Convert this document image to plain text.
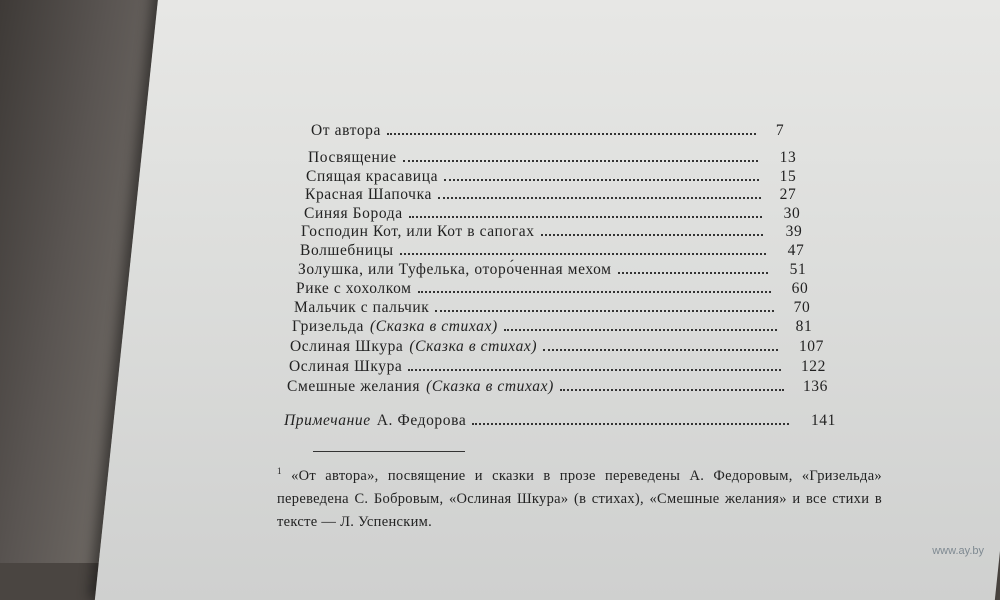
От автора	7
Посвящение	13
Спящая красавица	15
Красная Шапочка	27
Синяя Борода	30
Господин Кот, или Кот в сапогах	39
Волшебницы	47
Золушка, или Туфелька, оторо́ченная мехом	51
Рике с хохолком	60
Мальчик с пальчик	70
Гризельда (Сказка в стихах)	81
Ослиная Шкура (Сказка в стихах)	107
Ослиная Шкура	122
Смешные желания (Сказка в стихах)	136
Примечание А. Федорова	141
$^1$ «От автора», посвящение и сказки в прозе переведены А. Федоровым, «Гризельда» переведена С. Бобровым, «Ослиная Шкура» (в стихах), «Смешные желания» и все стихи в тексте — Л. Успенским.
www.ay.by
